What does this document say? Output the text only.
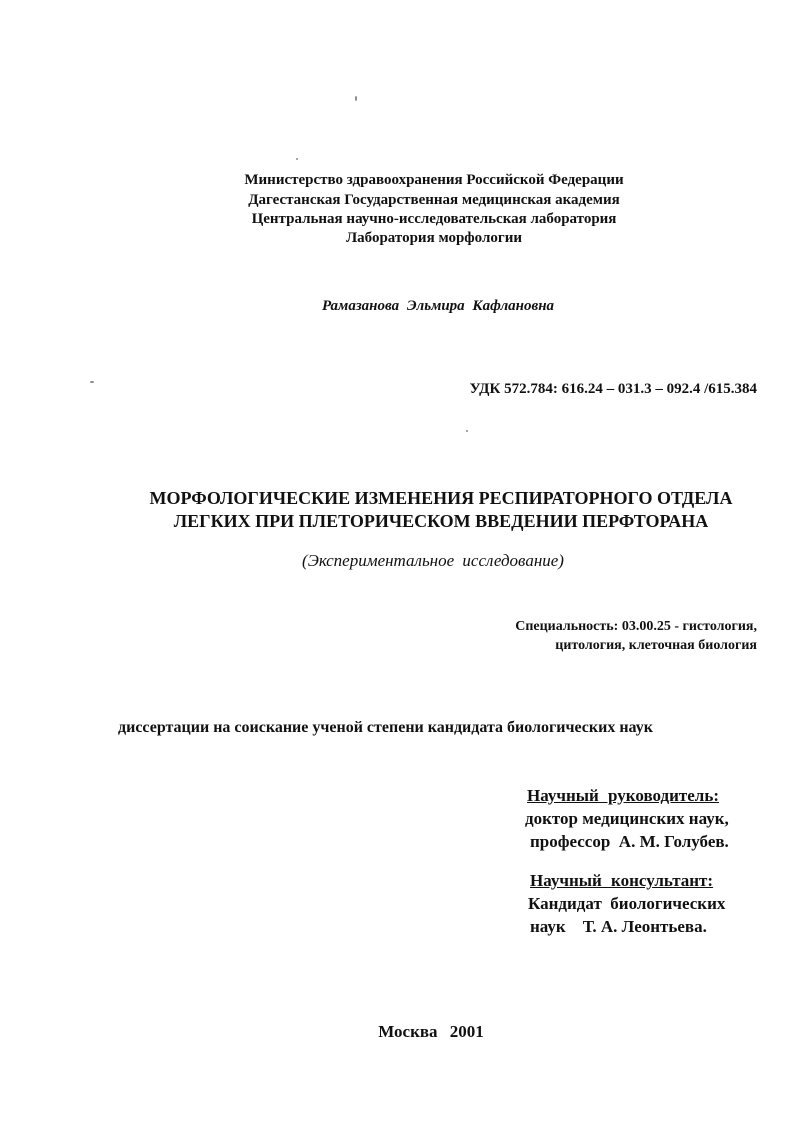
Министерство здравоохранения Российской Федерации
Дагестанская Государственная медицинская академия
Центральная научно-исследовательская лаборатория
Лаборатория морфологии
Рамазанова Эльмира Кафлановна
УДК 572.784: 616.24 – 031.3 – 092.4 /615.384
МОРФОЛОГИЧЕСКИЕ ИЗМЕНЕНИЯ РЕСПИРАТОРНОГО ОТДЕЛА
ЛЕГКИХ ПРИ ПЛЕТОРИЧЕСКОМ ВВЕДЕНИИ ПЕРФТОРАНА
(Экспериментальное исследование)
Специальность: 03.00.25 - гистология,
цитология, клеточная биология
диссертации на соискание ученой степени кандидата биологических наук
Научный руководитель:
доктор медицинских наук,
профессор  А. М. Голубев.
Научный консультант:
Кандидат  биологических
наук    Т. А. Леонтьева.
Москва 2001
